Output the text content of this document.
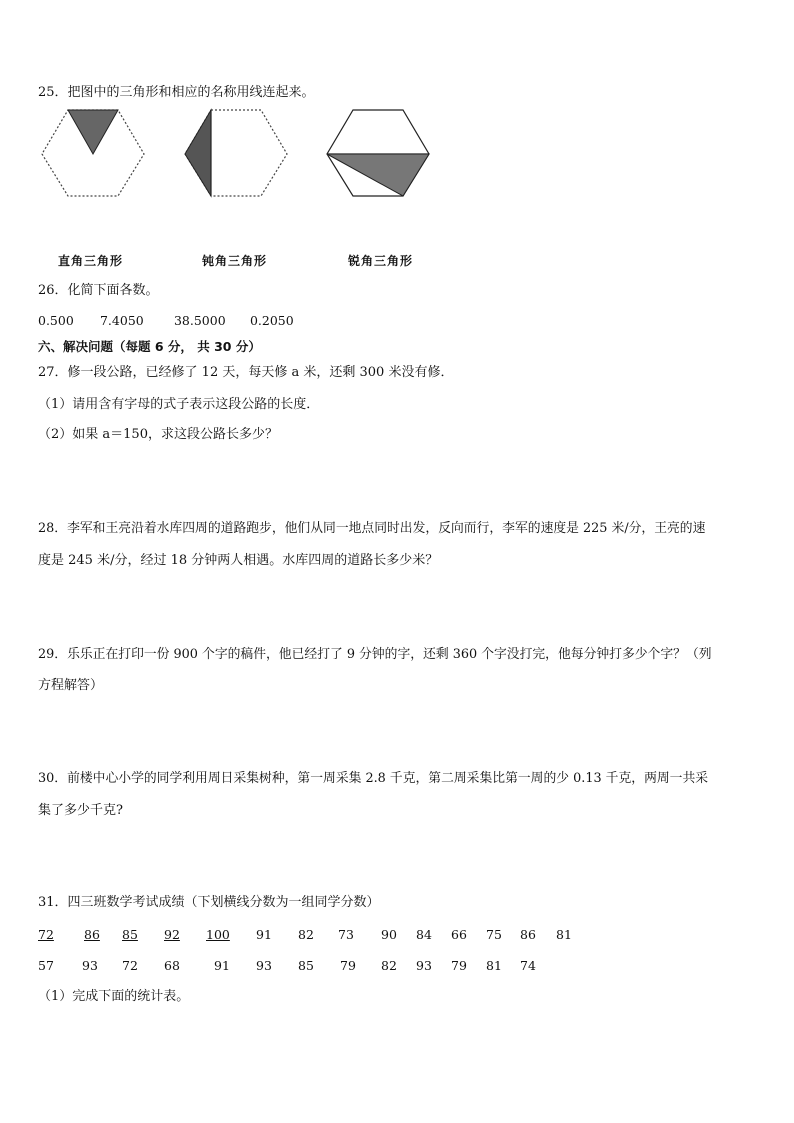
25．把图中的三角形和相应的名称用线连起来。
直角三角形	钝角三角形	锐角三角形
26．化简下面各数。
0.500 7.4050 38.5000 0.2050
六、解决问题（每题 6 分， 共 30 分）
27．修一段公路，已经修了 12 天，每天修 a 米，还剩 300 米没有修．
（1）请用含有字母的式子表示这段公路的长度．
（2）如果 a＝150，求这段公路长多少？
28．李军和王亮沿着水库四周的道路跑步，他们从同一地点同时出发，反向而行，李军的速度是 225 米/分，王亮的速
度是 245 米/分，经过 18 分钟两人相遇。水库四周的道路长多少米？
29．乐乐正在打印一份 900 个字的稿件，他已经打了 9 分钟的字，还剩 360 个字没打完，他每分钟打多少个字？（列
方程解答）
30．前楼中心小学的同学利用周日采集树种，第一周采集 2.8 千克，第二周采集比第一周的少 0.13 千克，两周一共采
集了多少千克?
31．四三班数学考试成绩（下划横线分数为一组同学分数）
72	86	85	92	100 91 82 73 90 84 66 75 86 81
57 93 72 68	91 93 85 79 82 93 79 81 74
（1）完成下面的统计表。
